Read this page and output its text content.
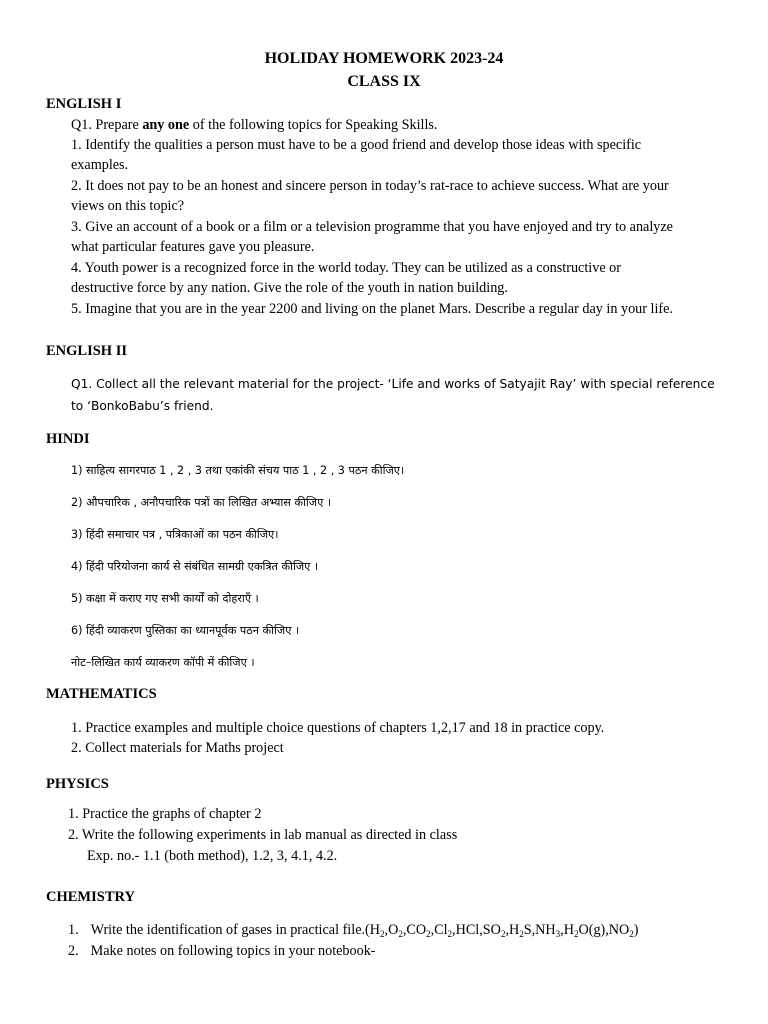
HOLIDAY HOMEWORK 2023-24
CLASS IX
ENGLISH I
Q1. Prepare any one of the following topics for Speaking Skills.
1. Identify the qualities a person must have to be a good friend and develop those ideas with specific
examples.
2. It does not pay to be an honest and sincere person in today’s rat-race to achieve success. What are your
views on this topic?
3. Give an account of a book or a film or a television programme that you have enjoyed and try to analyze
what particular features gave you pleasure.
4. Youth power is a recognized force in the world today. They can be utilized as a constructive or
destructive force by any nation. Give the role of the youth in nation building.
5. Imagine that you are in the year 2200 and living on the planet Mars. Describe a regular day in your life.
ENGLISH II
Q1. Collect all the relevant material for the project- ‘Life and works of Satyajit Ray’ with special reference
to ‘BonkoBabu’s friend.
HINDI
1) साहित्य सागरपाठ 1 , 2 , 3 तथा एकांकी संचय पाठ 1 , 2 , 3 पठन कीजिए।
2) औपचारिक , अनौपचारिक पत्रों का लिखित अभ्यास कीजिए ।
3) हिंदी समाचार पत्र , पत्रिकाओं का पठन कीजिए।
4) हिंदी परियोजना कार्य से संबंधित सामग्री एकत्रित कीजिए ।
5) कक्षा में कराए गए सभी कार्यों को दोहराएँ ।
6) हिंदी व्याकरण पुस्तिका का ध्यानपूर्वक पठन कीजिए ।
नोट–लिखित कार्य व्याकरण कॉपी में कीजिए ।
MATHEMATICS
1. Practice examples and multiple choice questions of chapters 1,2,17 and 18 in practice copy.
2. Collect materials for Maths project
PHYSICS
1. Practice the graphs of chapter 2
2. Write the following experiments in lab manual as directed in class
Exp. no.- 1.1 (both method), 1.2, 3, 4.1, 4.2.
CHEMISTRY
1. Write the identification of gases in practical $file.(H_2,O_2,CO_2,Cl_2,HCl,SO_2,H_2S,NH_3,H_2O(g),NO_2)$
2. Make notes on following topics in your notebook-
